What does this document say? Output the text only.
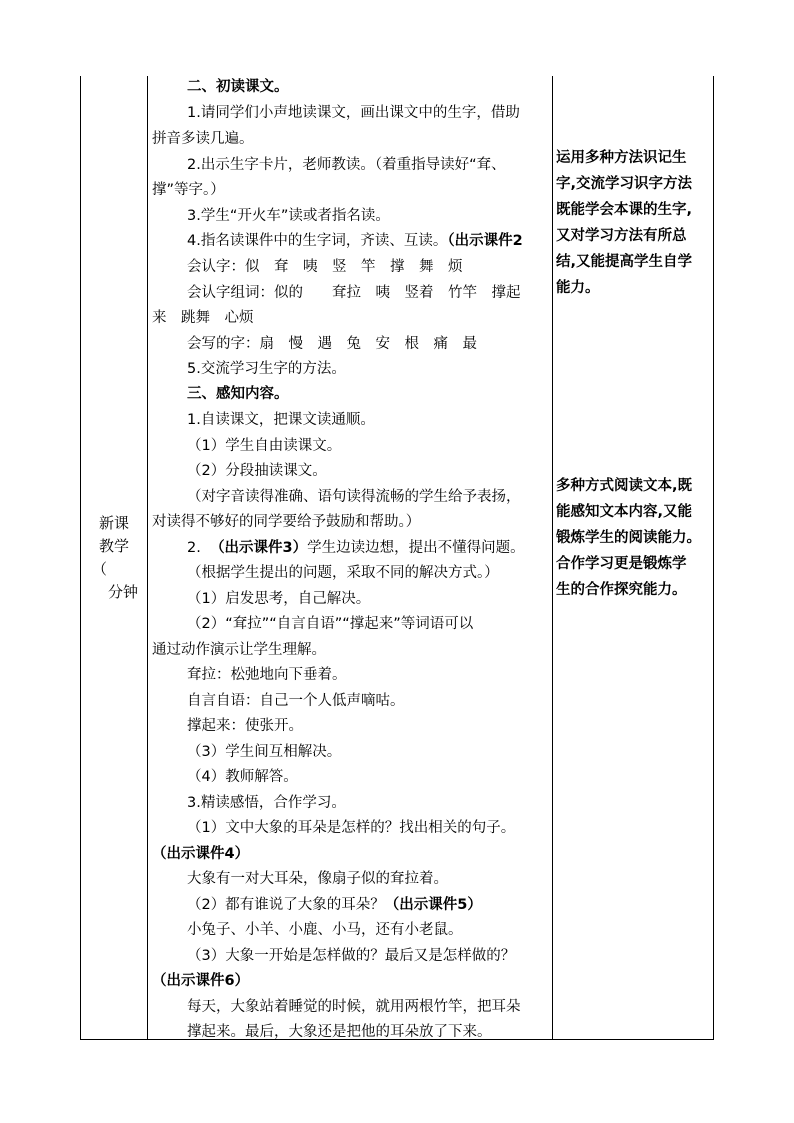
新课
教学
（
分钟
二、初读课文。
1.请同学们小声地读课文，画出课文中的生字，借助
拼音多读几遍。
2.出示生字卡片，老师教读。（着重指导读好“耷、
撑”等字。）
3.学生“开火车”读或者指名读。
4.指名读课件中的生字词，齐读、互读。（出示课件2
会认字：似　耷　咦　竖　竿　撑　舞　烦
会认字组词：似的　　耷拉　咦　竖着　竹竿　撑起
来　跳舞　心烦
会写的字：扇　慢　遇　兔　安　根　痛　最
5.交流学习生字的方法。
三、感知内容。
1.自读课文，把课文读通顺。
（1）学生自由读课文。
（2）分段抽读课文。
（对字音读得准确、语句读得流畅的学生给予表扬，
对读得不够好的同学要给予鼓励和帮助。）
2. （出示课件3）学生边读边想，提出不懂得问题。
（根据学生提出的问题，采取不同的解决方式。）
（1）启发思考，自己解决。
（2）“耷拉”“自言自语”“撑起来”等词语可以
通过动作演示让学生理解。
耷拉：松弛地向下垂着。
自言自语：自己一个人低声嘀咕。
撑起来：使张开。
（3）学生间互相解决。
（4）教师解答。
3.精读感悟，合作学习。
（1）文中大象的耳朵是怎样的？找出相关的句子。
（出示课件4）
大象有一对大耳朵，像扇子似的耷拉着。
（2）都有谁说了大象的耳朵？（出示课件5）
小兔子、小羊、小鹿、小马，还有小老鼠。
（3）大象一开始是怎样做的？最后又是怎样做的？
（出示课件6）
每天，大象站着睡觉的时候，就用两根竹竿，把耳朵
撑起来。最后，大象还是把他的耳朵放了下来。
运用多种方法识记生
字,交流学习识字方法
既能学会本课的生字,
又对学习方法有所总
结,又能提高学生自学
能力。
多种方式阅读文本,既
能感知文本内容,又能
锻炼学生的阅读能力。
合作学习更是锻炼学
生的合作探究能力。
